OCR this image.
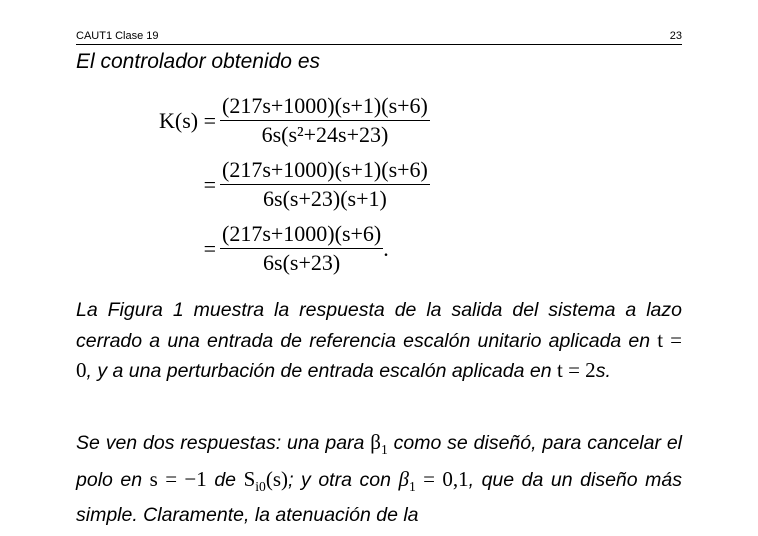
CAUT1 Clase 19	23
El controlador obtenido es
$K(s) = \frac{(217s+1000)(s+1)(s+6)}{\text{6s(s²+24s+23)}}$
= $\frac{(217s+1000)(s+1)(s+6)}{6s(s+23)(s+1)}$
= $\frac{(217s+1000)(s+6)}{6s(s+23)}$ .
La Figura 1 muestra la respuesta de la salida del sistema a lazo cerrado a una entrada de referencia escalón unitario aplicada en t = 0, y a una perturbación de entrada escalón aplicada en t = 2s.
Se ven dos respuestas: una para $\beta_1$ como se diseñó, para cancelar el polo en s = −1 de $S_{i0}(s)$; y otra con $\beta_1 = 0,1$, que da un diseño más simple. Claramente, la atenuación de la
